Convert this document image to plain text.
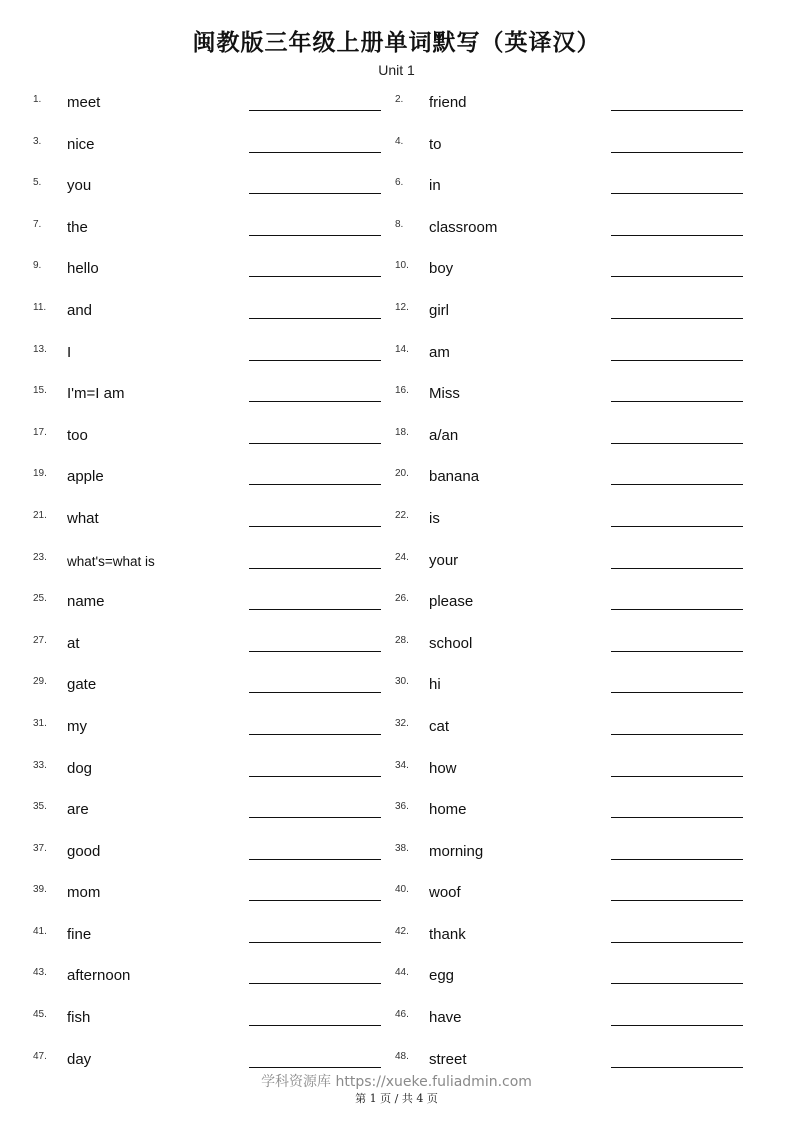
闽教版三年级上册单词默写（英译汉）
Unit 1
1. meet
3. nice
5. you
7. the
9. hello
11. and
13. I
15. I'm=I am
17. too
19. apple
21. what
23. what's=what is
25. name
27. at
29. gate
31. my
33. dog
35. are
37. good
39. mom
41. fine
43. afternoon
45. fish
47. day
2. friend
4. to
6. in
8. classroom
10. boy
12. girl
14. am
16. Miss
18. a/an
20. banana
22. is
24. your
26. please
28. school
30. hi
32. cat
34. how
36. home
38. morning
40. woof
42. thank
44. egg
46. have
48. street
学科资源库 https://xueke.fuliadmin.com
第 1 页 / 共 4 页
